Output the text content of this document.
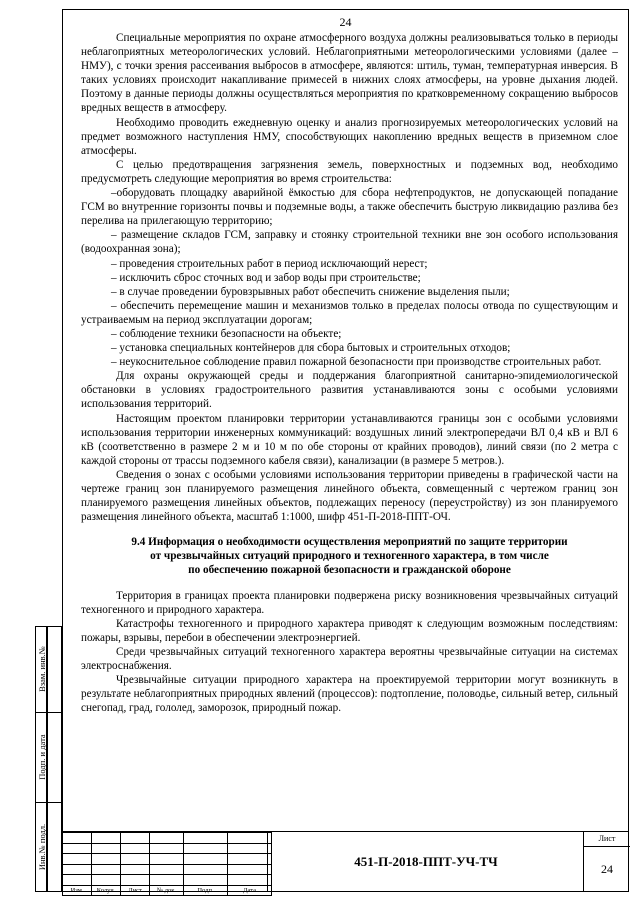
24

Специальные мероприятия по охране атмосферного воздуха должны реализовываться только в периоды неблагоприятных метеорологических условий. Неблагоприятными метеорологическими условиями (далее – НМУ), с точки зрения рассеивания выбросов в атмосфере, являются: штиль, туман, температурная инверсия. В таких условиях происходит накапливание примесей в нижних слоях атмосферы, на уровне дыхания людей. Поэтому в данные периоды должны осуществляться мероприятия по кратковременному сокращению выбросов вредных веществ в атмосферу.

Необходимо проводить ежедневную оценку и анализ прогнозируемых метеорологических условий на предмет возможного наступления НМУ, способствующих накоплению вредных веществ в приземном слое атмосферы.

С целью предотвращения загрязнения земель, поверхностных и подземных вод, необходимо предусмотреть следующие мероприятия во время строительства:

–оборудовать площадку аварийной ёмкостью для сбора нефтепродуктов, не допускающей попадание ГСМ во внутренние горизонты почвы и подземные воды, а также обеспечить быструю ликвидацию разлива без перелива на прилегающую территорию;

– размещение складов ГСМ, заправку и стоянку строительной техники вне зон особого использования (водоохранная зона);

– проведения строительных работ в период исключающий нерест;

– исключить сброс сточных вод и забор воды при строительстве;

– в случае проведении буровзрывных работ обеспечить снижение выделения пыли;

– обеспечить перемещение машин и механизмов только в пределах полосы отвода по существующим и устраиваемым на период эксплуатации дорогам;

– соблюдение техники безопасности на объекте;

– установка специальных контейнеров для сбора бытовых и строительных отходов;

– неукоснительное соблюдение правил пожарной безопасности при производстве строительных работ.

Для охраны окружающей среды и поддержания благоприятной санитарно-эпидемиологической обстановки в условиях градостроительного развития устанавливаются зоны с особыми условиями использования территорий.

Настоящим проектом планировки территории устанавливаются границы зон с особыми условиями использования территории инженерных коммуникаций: воздушных линий электропередачи ВЛ 0,4 кВ и ВЛ 6 кВ (соответственно в размере 2 м и 10 м по обе стороны от крайних проводов), линий связи (по 2 метра с каждой стороны от трассы подземного кабеля связи), канализации (в размере 5 метров.).

Сведения о зонах с особыми условиями использования территории приведены в графической части на чертеже границ зон планируемого размещения линейного объекта, совмещенный с чертежом границ зон планируемого размещения линейных объектов, подлежащих переносу (переустройству) из зон планируемого размещения линейного объекта, масштаб 1:1000, шифр 451-П-2018-ППТ-ОЧ.

9.4 Информация о необходимости осуществления мероприятий по защите территории
от чрезвычайных ситуаций природного и техногенного характера, в том числе
по обеспечению пожарной безопасности и гражданской обороне

Территория в границах проекта планировки подвержена риску возникновения чрезвычайных ситуаций техногенного и природного характера.

Катастрофы техногенного и природного характера приводят к следующим возможным последствиям: пожары, взрывы, перебои в обеспечении электроэнергией.

Среди чрезвычайных ситуаций техногенного характера вероятны чрезвычайные ситуации на системах электроснабжения.

Чрезвычайные ситуации природного характера на проектируемой территории могут возникнуть в результате неблагоприятных природных явлений (процессов): подтопление, половодье, сильный ветер, сильный снегопад, град, гололед, заморозок, природный пожар.

Взам. инв.№
Подп. и дата
Инв.№ подл.

Изм.	Колуч.	Лист	№ док.	Подп.	Дата
451-П-2018-ППТ-УЧ-ТЧ
Лист
24
